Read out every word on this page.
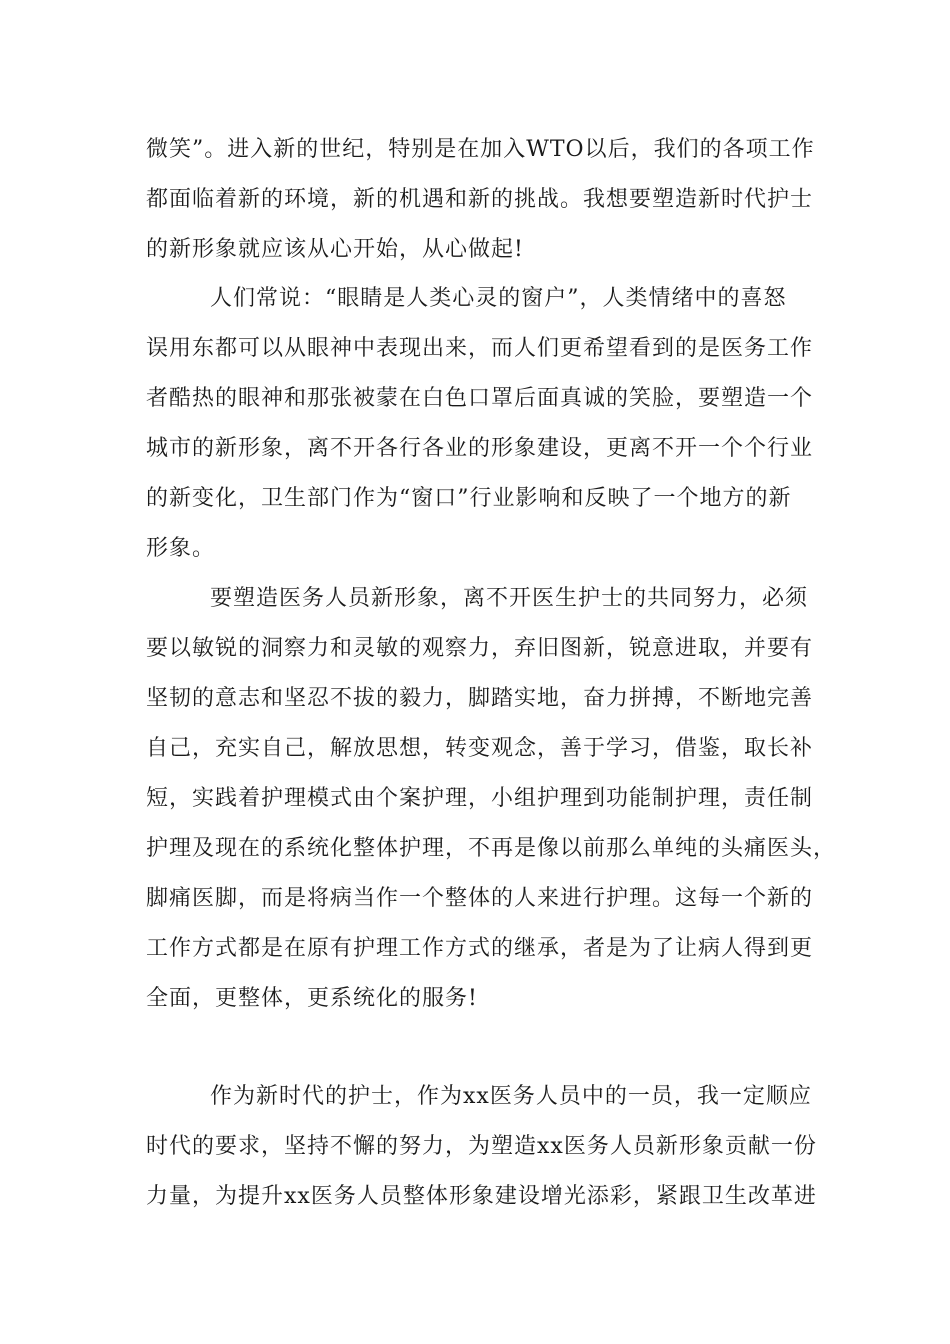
微笑”。进入新的世纪，特别是在加入WTO以后，我们的各项工作
都面临着新的环境，新的机遇和新的挑战。我想要塑造新时代护士
的新形象就应该从心开始，从心做起!
人们常说：“眼睛是人类心灵的窗户”，人类情绪中的喜怒
误用东都可以从眼神中表现出来，而人们更希望看到的是医务工作
者酷热的眼神和那张被蒙在白色口罩后面真诚的笑脸，要塑造一个
城市的新形象，离不开各行各业的形象建设，更离不开一个个行业
的新变化，卫生部门作为“窗口”行业影响和反映了一个地方的新
形象。
要塑造医务人员新形象，离不开医生护士的共同努力，必须
要以敏锐的洞察力和灵敏的观察力，弃旧图新，锐意进取，并要有
坚韧的意志和坚忍不拔的毅力，脚踏实地，奋力拼搏，不断地完善
自己，充实自己，解放思想，转变观念，善于学习，借鉴，取长补
短，实践着护理模式由个案护理，小组护理到功能制护理，责任制
护理及现在的系统化整体护理，不再是像以前那么单纯的头痛医头，
脚痛医脚，而是将病当作一个整体的人来进行护理。这每一个新的
工作方式都是在原有护理工作方式的继承，者是为了让病人得到更
全面，更整体，更系统化的服务!
作为新时代的护士，作为xx医务人员中的一员，我一定顺应
时代的要求，坚持不懈的努力，为塑造xx医务人员新形象贡献一份
力量，为提升xx医务人员整体形象建设增光添彩，紧跟卫生改革进
